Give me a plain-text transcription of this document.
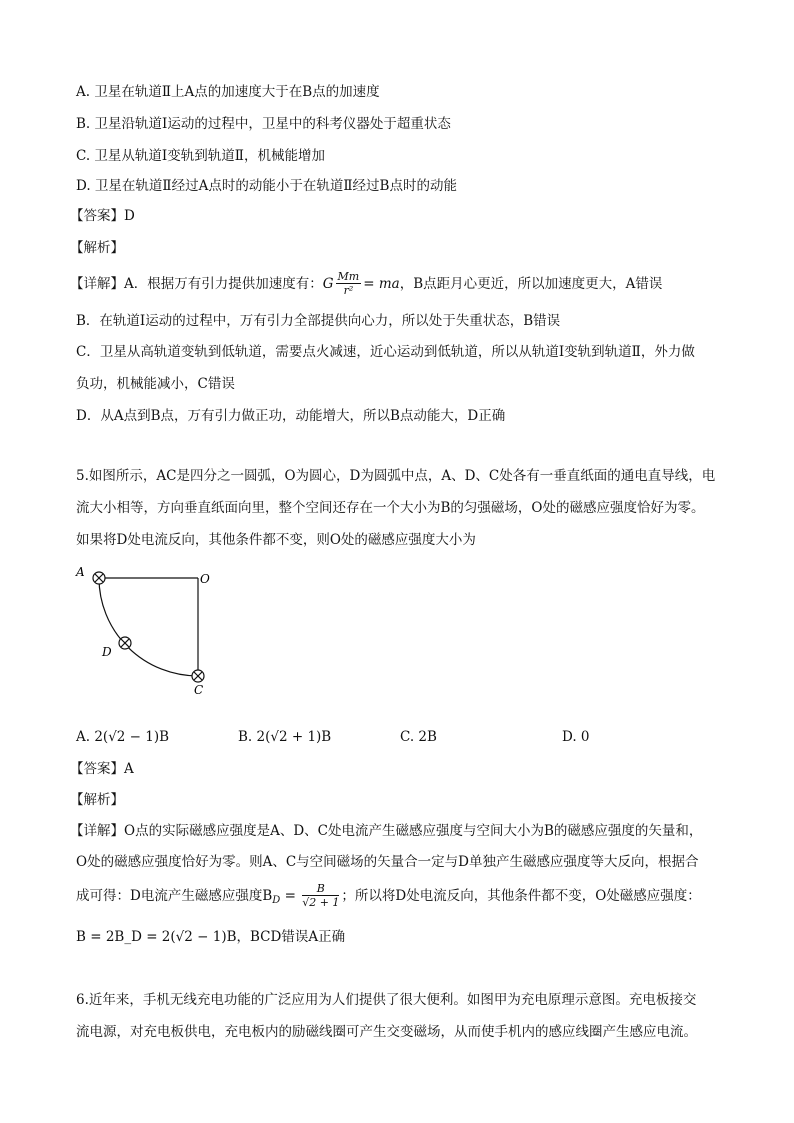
A. 卫星在轨道Ⅱ上A点的加速度大于在B点的加速度
B. 卫星沿轨道Ⅰ运动的过程中，卫星中的科考仪器处于超重状态
C. 卫星从轨道Ⅰ变轨到轨道Ⅱ，机械能增加
D. 卫星在轨道Ⅱ经过A点时的动能小于在轨道Ⅱ经过B点时的动能
【答案】D
【解析】
【详解】A．根据万有引力提供加速度有：G $\frac{Mm}{\text{r²}}$ = ma，B点距月心更近，所以加速度更大，A错误
B．在轨道Ⅰ运动的过程中，万有引力全部提供向心力，所以处于失重状态，B错误
C．卫星从高轨道变轨到低轨道，需要点火减速，近心运动到低轨道，所以从轨道Ⅰ变轨到轨道Ⅱ，外力做
负功，机械能减小，C错误
D．从A点到B点，万有引力做正功，动能增大，所以B点动能大，D正确
5.如图所示，AC是四分之一圆弧，O为圆心，D为圆弧中点，A、D、C处各有一垂直纸面的通电直导线，电
流大小相等，方向垂直纸面向里，整个空间还存在一个大小为B的匀强磁场，O处的磁感应强度恰好为零。
如果将D处电流反向，其他条件都不变，则O处的磁感应强度大小为
A	O
D
C
A. 2(√2 − 1)B	B. 2(√2 + 1)B	C. 2B	D. 0
【答案】A
【解析】
【详解】O点的实际磁感应强度是A、D、C处电流产生磁感应强度与空间大小为B的磁感应强度的矢量和，
O处的磁感应强度恰好为零。则A、C与空间磁场的矢量合一定与D单独产生磁感应强度等大反向，根据合
成可得：D电流产生磁感应强度$B_D = \frac{B}{√2 + 1}$ ；所以将D处电流反向，其他条件都不变，O处磁感应强度：
B = 2B_D = 2(√2 − 1)B，BCD错误A正确
6.近年来，手机无线充电功能的广泛应用为人们提供了很大便利。如图甲为充电原理示意图。充电板接交
流电源，对充电板供电，充电板内的励磁线圈可产生交变磁场，从而使手机内的感应线圈产生感应电流。
